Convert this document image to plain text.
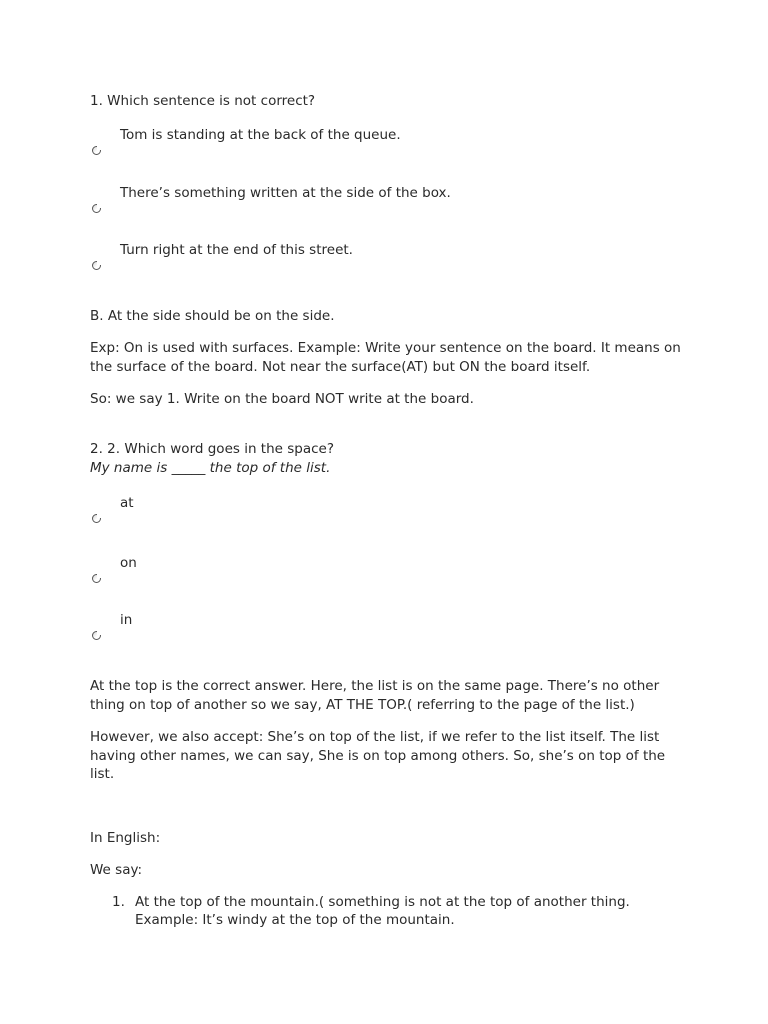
1. Which sentence is not correct?
Tom is standing at the back of the queue.
There’s something written at the side of the box.
Turn right at the end of this street.
B. At the side should be on the side.
Exp: On is used with surfaces. Example: Write your sentence on the board. It means on the surface of the board. Not near the surface(AT) but ON the board itself.
So: we say 1. Write on the board NOT write at the board.
2. 2. Which word goes in the space?
My name is _____ the top of the list.
at
on
in
At the top is the correct answer. Here, the list is on the same page. There’s no other thing on top of another so we say, AT THE TOP.( referring to the page of the list.)
However, we also accept: She’s on top of the list, if we refer to the list itself. The list having other names, we can say, She is on top among others. So, she’s on top of the list.
In English:
We say:
1. At the top of the mountain.( something is not at the top of another thing. Example: It’s windy at the top of the mountain.
